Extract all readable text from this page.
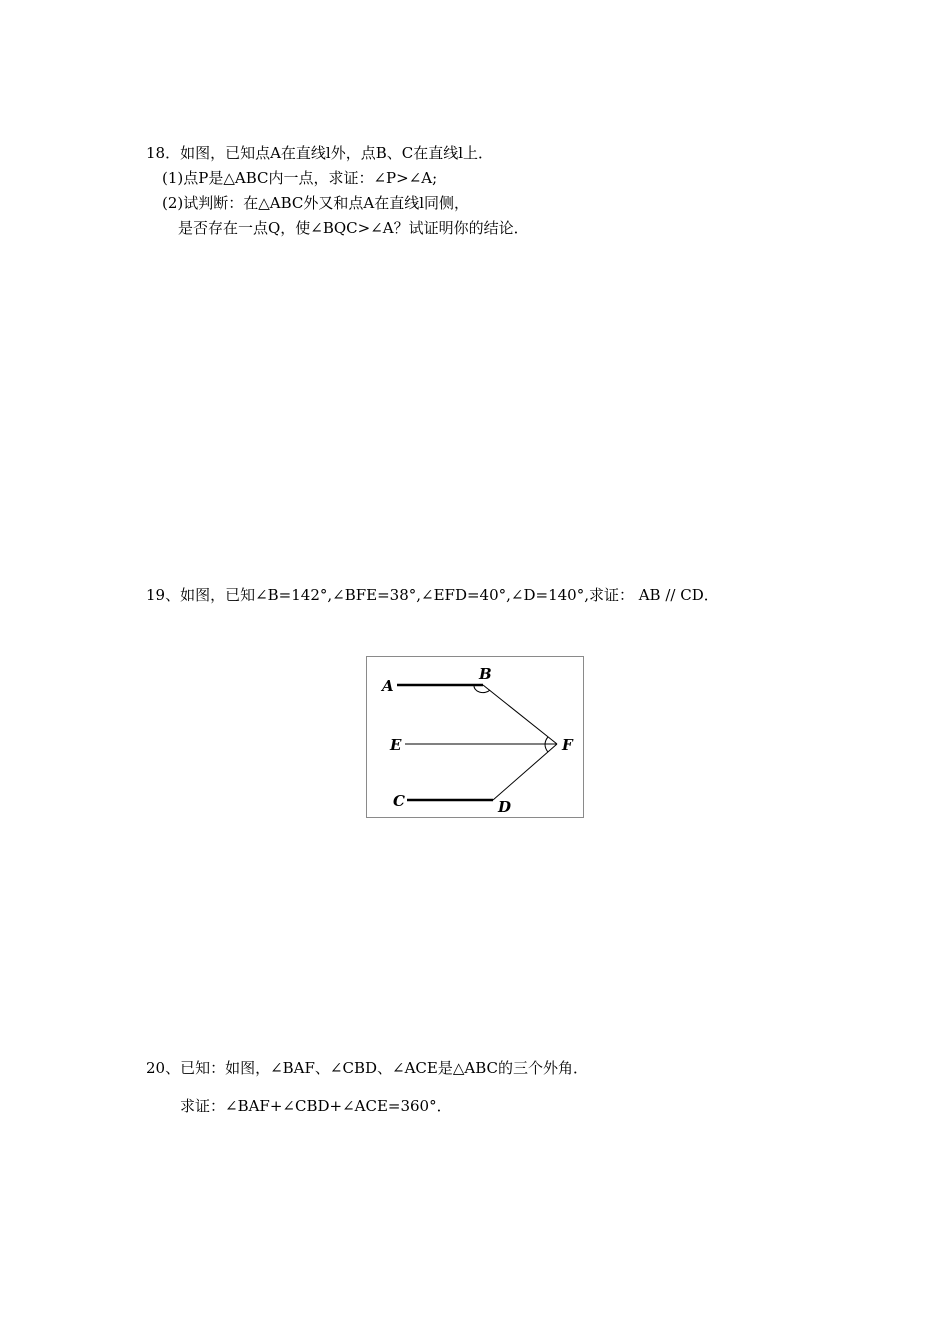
18．如图，已知点A在直线l外，点B、C在直线l上．
(1)点P是△ABC内一点，求证：∠P>∠A;
(2)试判断：在△ABC外又和点A在直线l同侧，
是否存在一点Q，使∠BQC>∠A？试证明你的结论．
19、如图，已知∠B=142°,∠BFE=38°,∠EFD=40°,∠D=140°,求证： AB // CD．
A
B
E	F
C	D
20、已知：如图，∠BAF、∠CBD、∠ACE是△ABC的三个外角．
求证：∠BAF+∠CBD+∠ACE=360°．
